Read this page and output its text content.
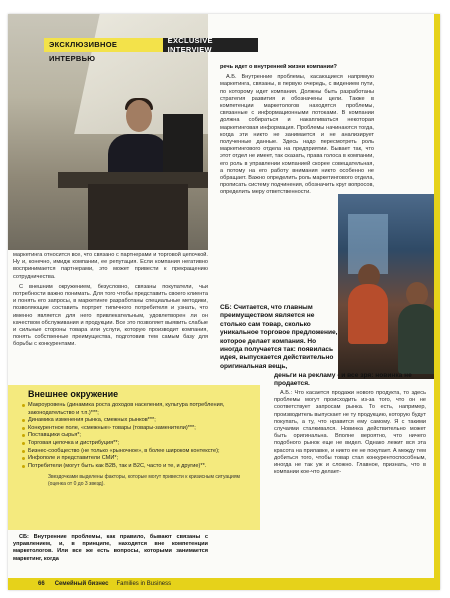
ЭКСКЛЮЗИВНОЕ ИНТЕРВЬЮ
EXCLUSIVE INTERVIEW

речь идет о внутренней жизни компании?

А.Б. Внутренние проблемы, касающиеся напрямую маркетинга, связаны, в первую очередь, с видением пути, по которому идет компания. Должны быть разработаны стратегия развития и обозначены цели. Также в компетенции маркетологов находятся проблемы, связанные с информационными потоками. В компании должна собираться и накапливаться некоторая маркетинговая информация. Проблемы начинаются тогда, когда эти никто не занимается и не анализирует полученные данные. Здесь надо пересмотреть роль маркетингового отдела на предприятии. Бывает так, что этот отдел не имеет, так сказать, права голоса в компании, его роль в управлении компанией скорее совещательная, а потому на его работу внимания никто особенно не обращает. Важно определить роль маркетингового отдела, прописать систему подчинения, обозначить круг вопросов, определить меру ответственности.

СБ: Считается, что главным преимуществом является не столько сам товар, сколько уникальное торговое предложение, которое делает компания. Но иногда получается так: появилась идея, выпускается действительно оригинальная вещь,
деньги на рекламу - и все зря: новинка не продается.

А.Б.: Что касается продажи нового продукта, то здесь проблемы могут происходить из-за того, что он не соответствует запросам рынка. То есть, например, производитель выпускает не ту продукцию, которую будут покупать, а ту, что нравится ему самому. Я с такими случаями сталкивался. Новинка действительно может быть оригинальна. Вполне вероятно, что ничего подобного рынок еще не видел. Однако лежит вся эта красота на прилавке, и никто ее не покупает. А между тем добиться того, чтобы товар стал конкурентоспособным, иногда не так уж и сложно. Главное, признать, что в компании кое-что делает-

маркетинга относится все, что связано с партнерами и торговой цепочкой. Ну и, конечно, имидж компании, ее репутация. Если компания негативно воспринимается партнерами, это может привести к прекращению сотрудничества.

С внешним окружением, безусловно, связаны покупатели, чьи потребности важно понимать. Для того чтобы представить своего клиента и понять его запросы, в маркетинге разработаны специальные методики, позволяющие составить портрет типичного потребителя и узнать, что именно является для него привлекательным, удовлетворен ли он качеством обслуживания и продукции. Все это позволяет выявить слабые и сильные стороны товара или услуги, которую производит компания, понять собственные преимущества, подготовив тем самым базу для борьбы с конкурентами.

Внешнее окружение
Макроуровень (динамика роста доходов населения, культура потребления, законодательство и т.п.)***;
Динамика изменения рынка, смежных рынков***;
Конкурентное поле, «смежные» товары (товары-заменители)***;
Поставщики сырья*;
Торговая цепочка и дистрибуция**;
Бизнес-сообщество (не только «рыночное», в более широком контексте);
Инфополе и представители СМИ*;
Потребители (могут быть как B2B, так и B2C, часто и те, и другие)**.
Звездочками выделены факторы, которые могут привести к кризисным ситуациям (оценка от 0 до 3 звезд).

СБ: Внутренние проблемы, как правило, бывают связаны с управлением, и, в принципе, находятся вне компетенции маркетологов. Или все же есть вопросы, которыми занимается маркетинг, когда

66 Семейный бизнес Families in Business
